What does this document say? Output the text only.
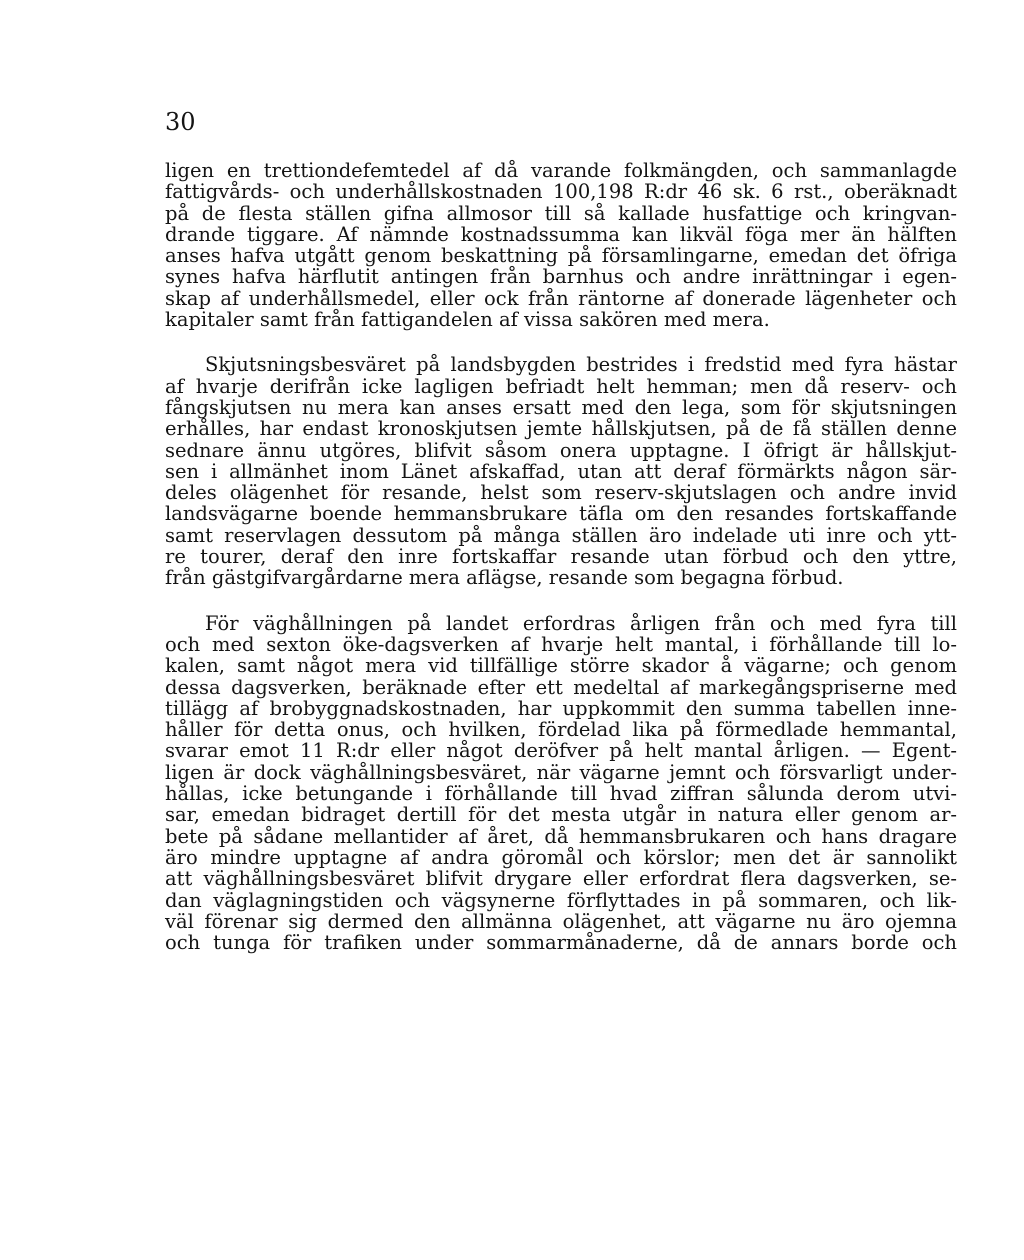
30
ligen en trettiondefemtedel af då varande folkmängden, och sammanlagde
fattigvårds- och underhållskostnaden 100,198 R:dr 46 sk. 6 rst., oberäknadt
på de flesta ställen gifna allmosor till så kallade husfattige och kringvan-
drande tiggare. Af nämnde kostnadssumma kan likväl föga mer än hälften
anses hafva utgått genom beskattning på församlingarne, emedan det öfriga
synes hafva härflutit antingen från barnhus och andre inrättningar i egen-
skap af underhållsmedel, eller ock från räntorne af donerade lägenheter och
kapitaler samt från fattigandelen af vissa sakören med mera.
Skjutsningsbesväret på landsbygden bestrides i fredstid med fyra hästar
af hvarje derifrån icke lagligen befriadt helt hemman; men då reserv- och
fångskjutsen nu mera kan anses ersatt med den lega, som för skjutsningen
erhålles, har endast kronoskjutsen jemte hållskjutsen, på de få ställen denne
sednare ännu utgöres, blifvit såsom onera upptagne. I öfrigt är hållskjut-
sen i allmänhet inom Länet afskaffad, utan att deraf förmärkts någon sär-
deles olägenhet för resande, helst som reserv-skjutslagen och andre invid
landsvägarne boende hemmansbrukare täfla om den resandes fortskaffande
samt reservlagen dessutom på många ställen äro indelade uti inre och ytt-
re tourer, deraf den inre fortskaffar resande utan förbud och den yttre,
från gästgifvargårdarne mera aflägse, resande som begagna förbud.
För väghållningen på landet erfordras årligen från och med fyra till
och med sexton öke-dagsverken af hvarje helt mantal, i förhållande till lo-
kalen, samt något mera vid tillfällige större skador å vägarne; och genom
dessa dagsverken, beräknade efter ett medeltal af markegångspriserne med
tillägg af brobyggnadskostnaden, har uppkommit den summa tabellen inne-
håller för detta onus, och hvilken, fördelad lika på förmedlade hemmantal,
svarar emot 11 R:dr eller något deröfver på helt mantal årligen. — Egent-
ligen är dock väghållningsbesväret, när vägarne jemnt och försvarligt under-
hållas, icke betungande i förhållande till hvad ziffran sålunda derom utvi-
sar, emedan bidraget dertill för det mesta utgår in natura eller genom ar-
bete på sådane mellantider af året, då hemmansbrukaren och hans dragare
äro mindre upptagne af andra göromål och körslor; men det är sannolikt
att väghållningsbesväret blifvit drygare eller erfordrat flera dagsverken, se-
dan väglagningstiden och vägsynerne förflyttades in på sommaren, och lik-
väl förenar sig dermed den allmänna olägenhet, att vägarne nu äro ojemna
och tunga för trafiken under sommarmånaderne, då de annars borde och
